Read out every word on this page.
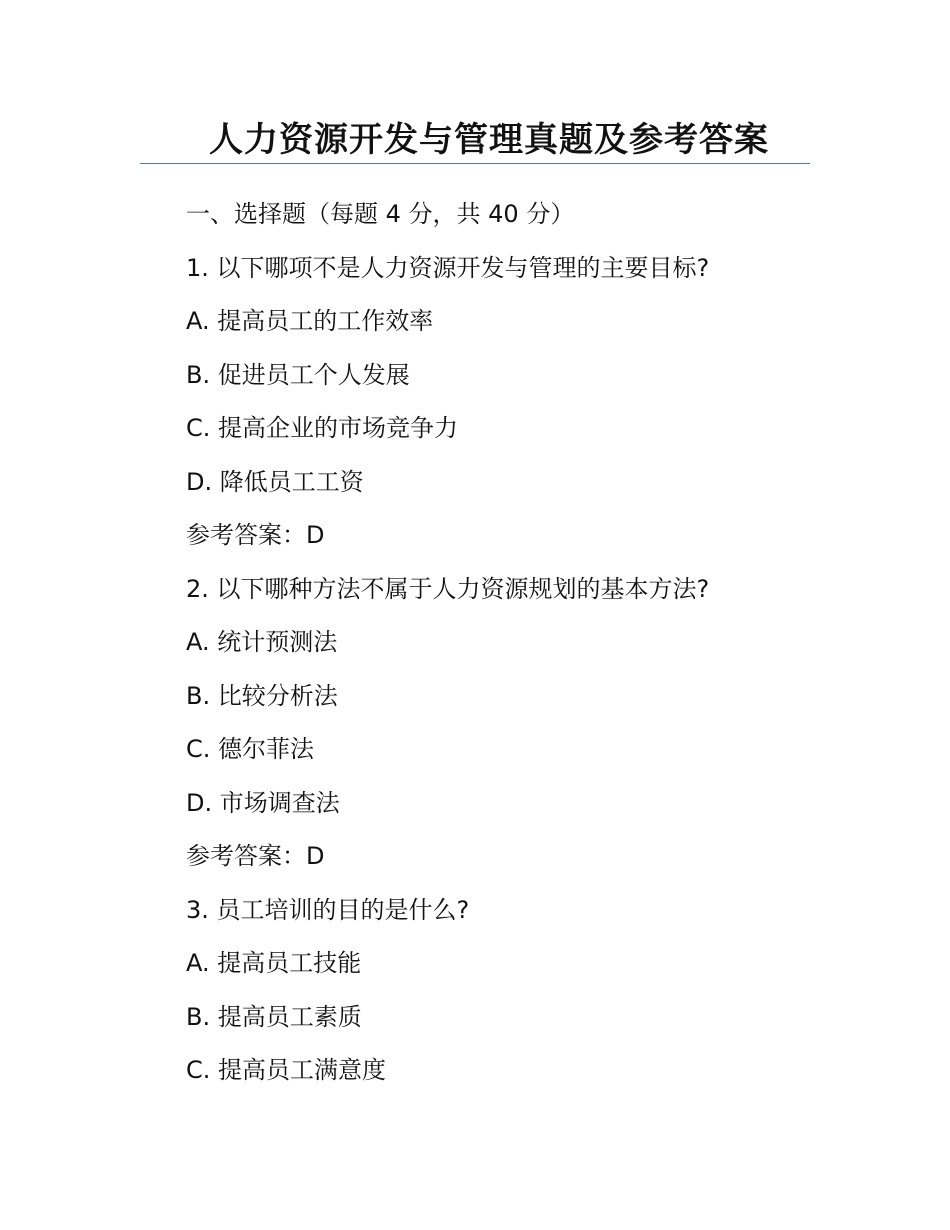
人力资源开发与管理真题及参考答案
一、选择题（每题 4 分，共 40 分）
1. 以下哪项不是人力资源开发与管理的主要目标?
A. 提高员工的工作效率
B. 促进员工个人发展
C. 提高企业的市场竞争力
D. 降低员工工资
参考答案：D
2. 以下哪种方法不属于人力资源规划的基本方法?
A. 统计预测法
B. 比较分析法
C. 德尔菲法
D. 市场调查法
参考答案：D
3. 员工培训的目的是什么?
A. 提高员工技能
B. 提高员工素质
C. 提高员工满意度
